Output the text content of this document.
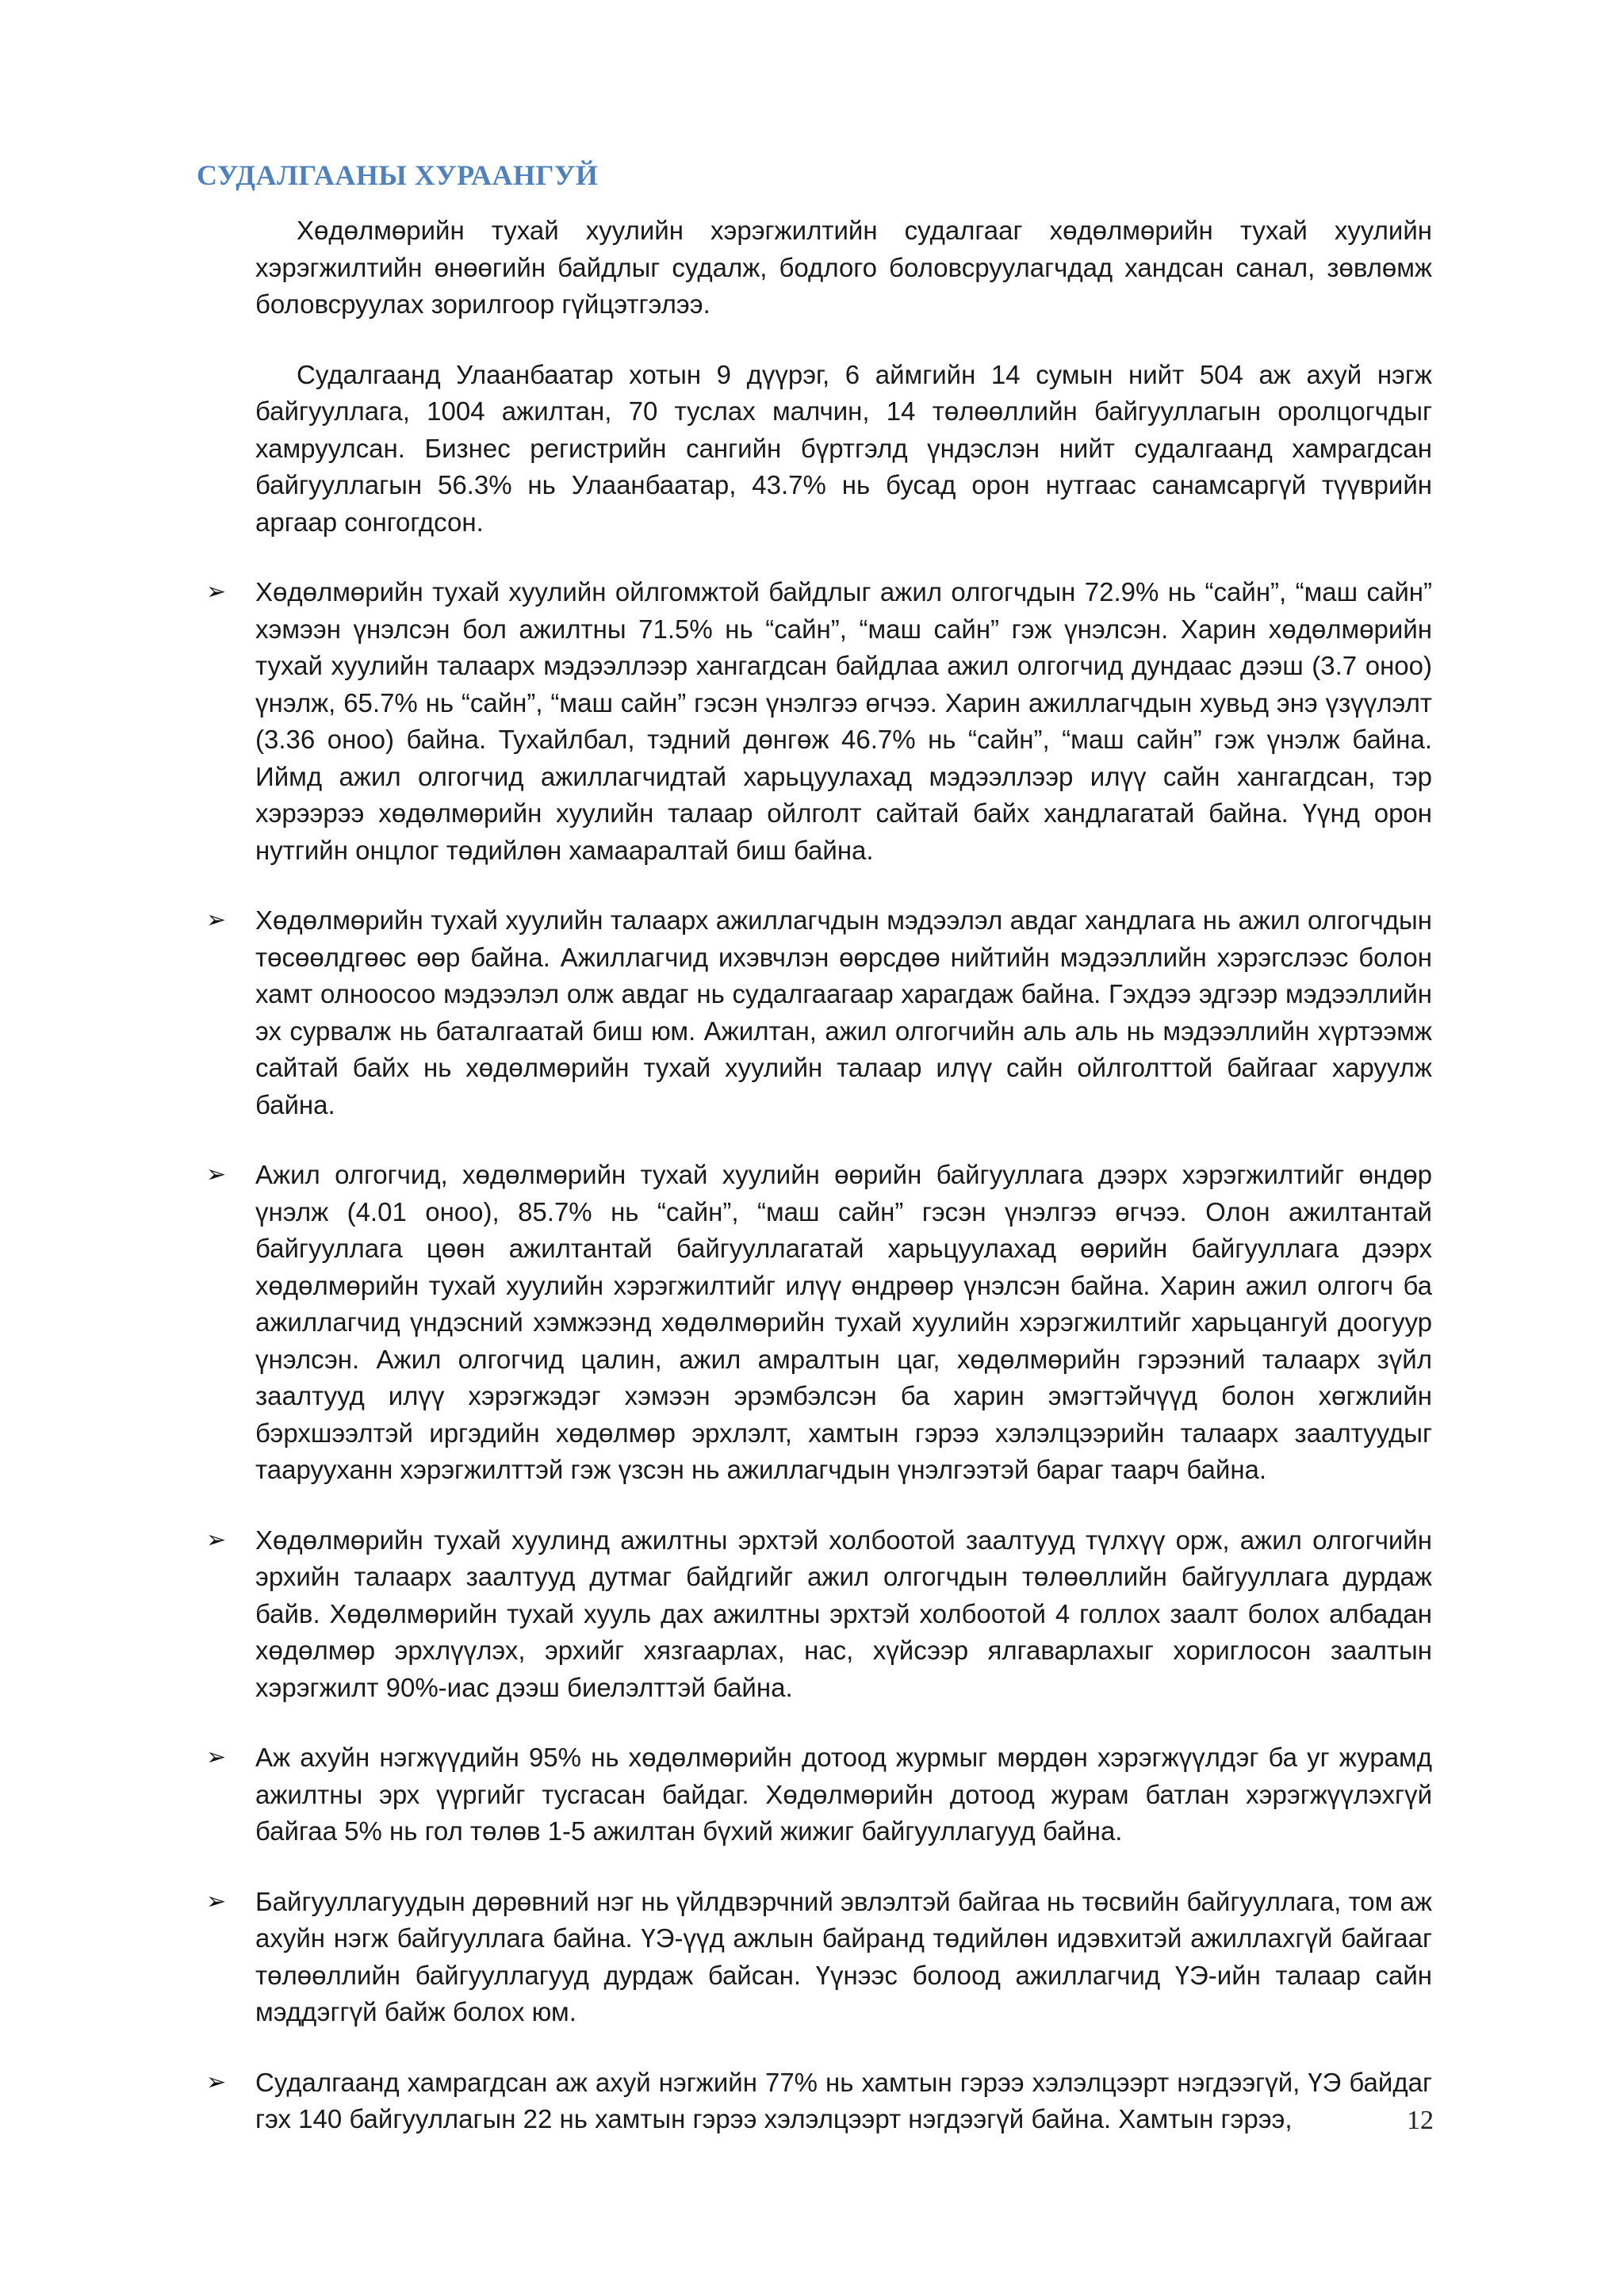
СУДАЛГААНЫ ХУРААНГУЙ

Хөдөлмөрийн тухай хуулийн хэрэгжилтийн судалгааг хөдөлмөрийн тухай хуулийн хэрэгжилтийн өнөөгийн байдлыг судалж, бодлого боловсруулагчдад хандсан санал, зөвлөмж боловсруулах зорилгоор гүйцэтгэлээ.

Судалгаанд Улаанбаатар хотын 9 дүүрэг, 6 аймгийн 14 сумын нийт 504 аж ахуй нэгж байгууллага, 1004 ажилтан, 70 туслах малчин, 14 төлөөллийн байгууллагын оролцогчдыг хамруулсан. Бизнес регистрийн сангийн бүртгэлд үндэслэн нийт судалгаанд хамрагдсан байгууллагын 56.3% нь Улаанбаатар, 43.7% нь бусад орон нутгаас санамсаргүй түүврийн аргаар сонгогдсон.

➢ Хөдөлмөрийн тухай хуулийн ойлгомжтой байдлыг ажил олгогчдын 72.9% нь “сайн”, “маш сайн” хэмээн үнэлсэн бол ажилтны 71.5% нь “сайн”, “маш сайн” гэж үнэлсэн. Харин хөдөлмөрийн тухай хуулийн талаарх мэдээллээр хангагдсан байдлаа ажил олгогчид дундаас дээш (3.7 оноо) үнэлж, 65.7% нь “сайн”, “маш сайн” гэсэн үнэлгээ өгчээ. Харин ажиллагчдын хувьд энэ үзүүлэлт (3.36 оноо) байна. Тухайлбал, тэдний дөнгөж 46.7% нь “сайн”, “маш сайн” гэж үнэлж байна. Иймд ажил олгогчид ажиллагчидтай харьцуулахад мэдээллээр илүү сайн хангагдсан, тэр хэрээрээ хөдөлмөрийн хуулийн талаар ойлголт сайтай байх хандлагатай байна. Үүнд орон нутгийн онцлог төдийлөн хамааралтай биш байна.
➢ Хөдөлмөрийн тухай хуулийн талаарх ажиллагчдын мэдээлэл авдаг хандлага нь ажил олгогчдын төсөөлдгөөс өөр байна. Ажиллагчид ихэвчлэн өөрсдөө нийтийн мэдээллийн хэрэгслээс болон хамт олноосоо мэдээлэл олж авдаг нь судалгаагаар харагдаж байна. Гэхдээ эдгээр мэдээллийн эх сурвалж нь баталгаатай биш юм. Ажилтан, ажил олгогчийн аль аль нь мэдээллийн хүртээмж сайтай байх нь хөдөлмөрийн тухай хуулийн талаар илүү сайн ойлголттой байгааг харуулж байна.
➢ Ажил олгогчид, хөдөлмөрийн тухай хуулийн өөрийн байгууллага дээрх хэрэгжилтийг өндөр үнэлж (4.01 оноо), 85.7% нь “сайн”, “маш сайн” гэсэн үнэлгээ өгчээ. Олон ажилтантай байгууллага цөөн ажилтантай байгууллагатай харьцуулахад өөрийн байгууллага дээрх хөдөлмөрийн тухай хуулийн хэрэгжилтийг илүү өндрөөр үнэлсэн байна. Харин ажил олгогч ба ажиллагчид үндэсний хэмжээнд хөдөлмөрийн тухай хуулийн хэрэгжилтийг харьцангуй доогуур үнэлсэн. Ажил олгогчид цалин, ажил амралтын цаг, хөдөлмөрийн гэрээний талаарх зүйл заалтууд илүү хэрэгжэдэг хэмээн эрэмбэлсэн ба харин эмэгтэйчүүд болон хөгжлийн бэрхшээлтэй иргэдийн хөдөлмөр эрхлэлт, хамтын гэрээ хэлэлцээрийн талаарх заалтуудыг таарууханн хэрэгжилттэй гэж үзсэн нь ажиллагчдын үнэлгээтэй бараг таарч байна.
➢ Хөдөлмөрийн тухай хуулинд ажилтны эрхтэй холбоотой заалтууд түлхүү орж, ажил олгогчийн эрхийн талаарх заалтууд дутмаг байдгийг ажил олгогчдын төлөөллийн байгууллага дурдаж байв. Хөдөлмөрийн тухай хууль дах ажилтны эрхтэй холбоотой 4 голлох заалт болох албадан хөдөлмөр эрхлүүлэх, эрхийг хязгаарлах, нас, хүйсээр ялгаварлахыг хориглосон заалтын хэрэгжилт 90%-иас дээш биелэлттэй байна.
➢ Аж ахуйн нэгжүүдийн 95% нь хөдөлмөрийн дотоод журмыг мөрдөн хэрэгжүүлдэг ба уг журамд ажилтны эрх үүргийг тусгасан байдаг. Хөдөлмөрийн дотоод журам батлан хэрэгжүүлэхгүй байгаа 5% нь гол төлөв 1-5 ажилтан бүхий жижиг байгууллагууд байна.
➢ Байгууллагуудын дөрөвний нэг нь үйлдвэрчний эвлэлтэй байгаа нь төсвийн байгууллага, том аж ахуйн нэгж байгууллага байна. ҮЭ-үүд ажлын байранд төдийлөн идэвхитэй ажиллахгүй байгааг төлөөллийн байгууллагууд дурдаж байсан. Үүнээс болоод ажиллагчид ҮЭ-ийн талаар сайн мэддэггүй байж болох юм.
➢ Судалгаанд хамрагдсан аж ахуй нэгжийн 77% нь хамтын гэрээ хэлэлцээрт нэгдээгүй, ҮЭ байдаг гэх 140 байгууллагын 22 нь хамтын гэрээ хэлэлцээрт нэгдээгүй байна. Хамтын гэрээ,	12
